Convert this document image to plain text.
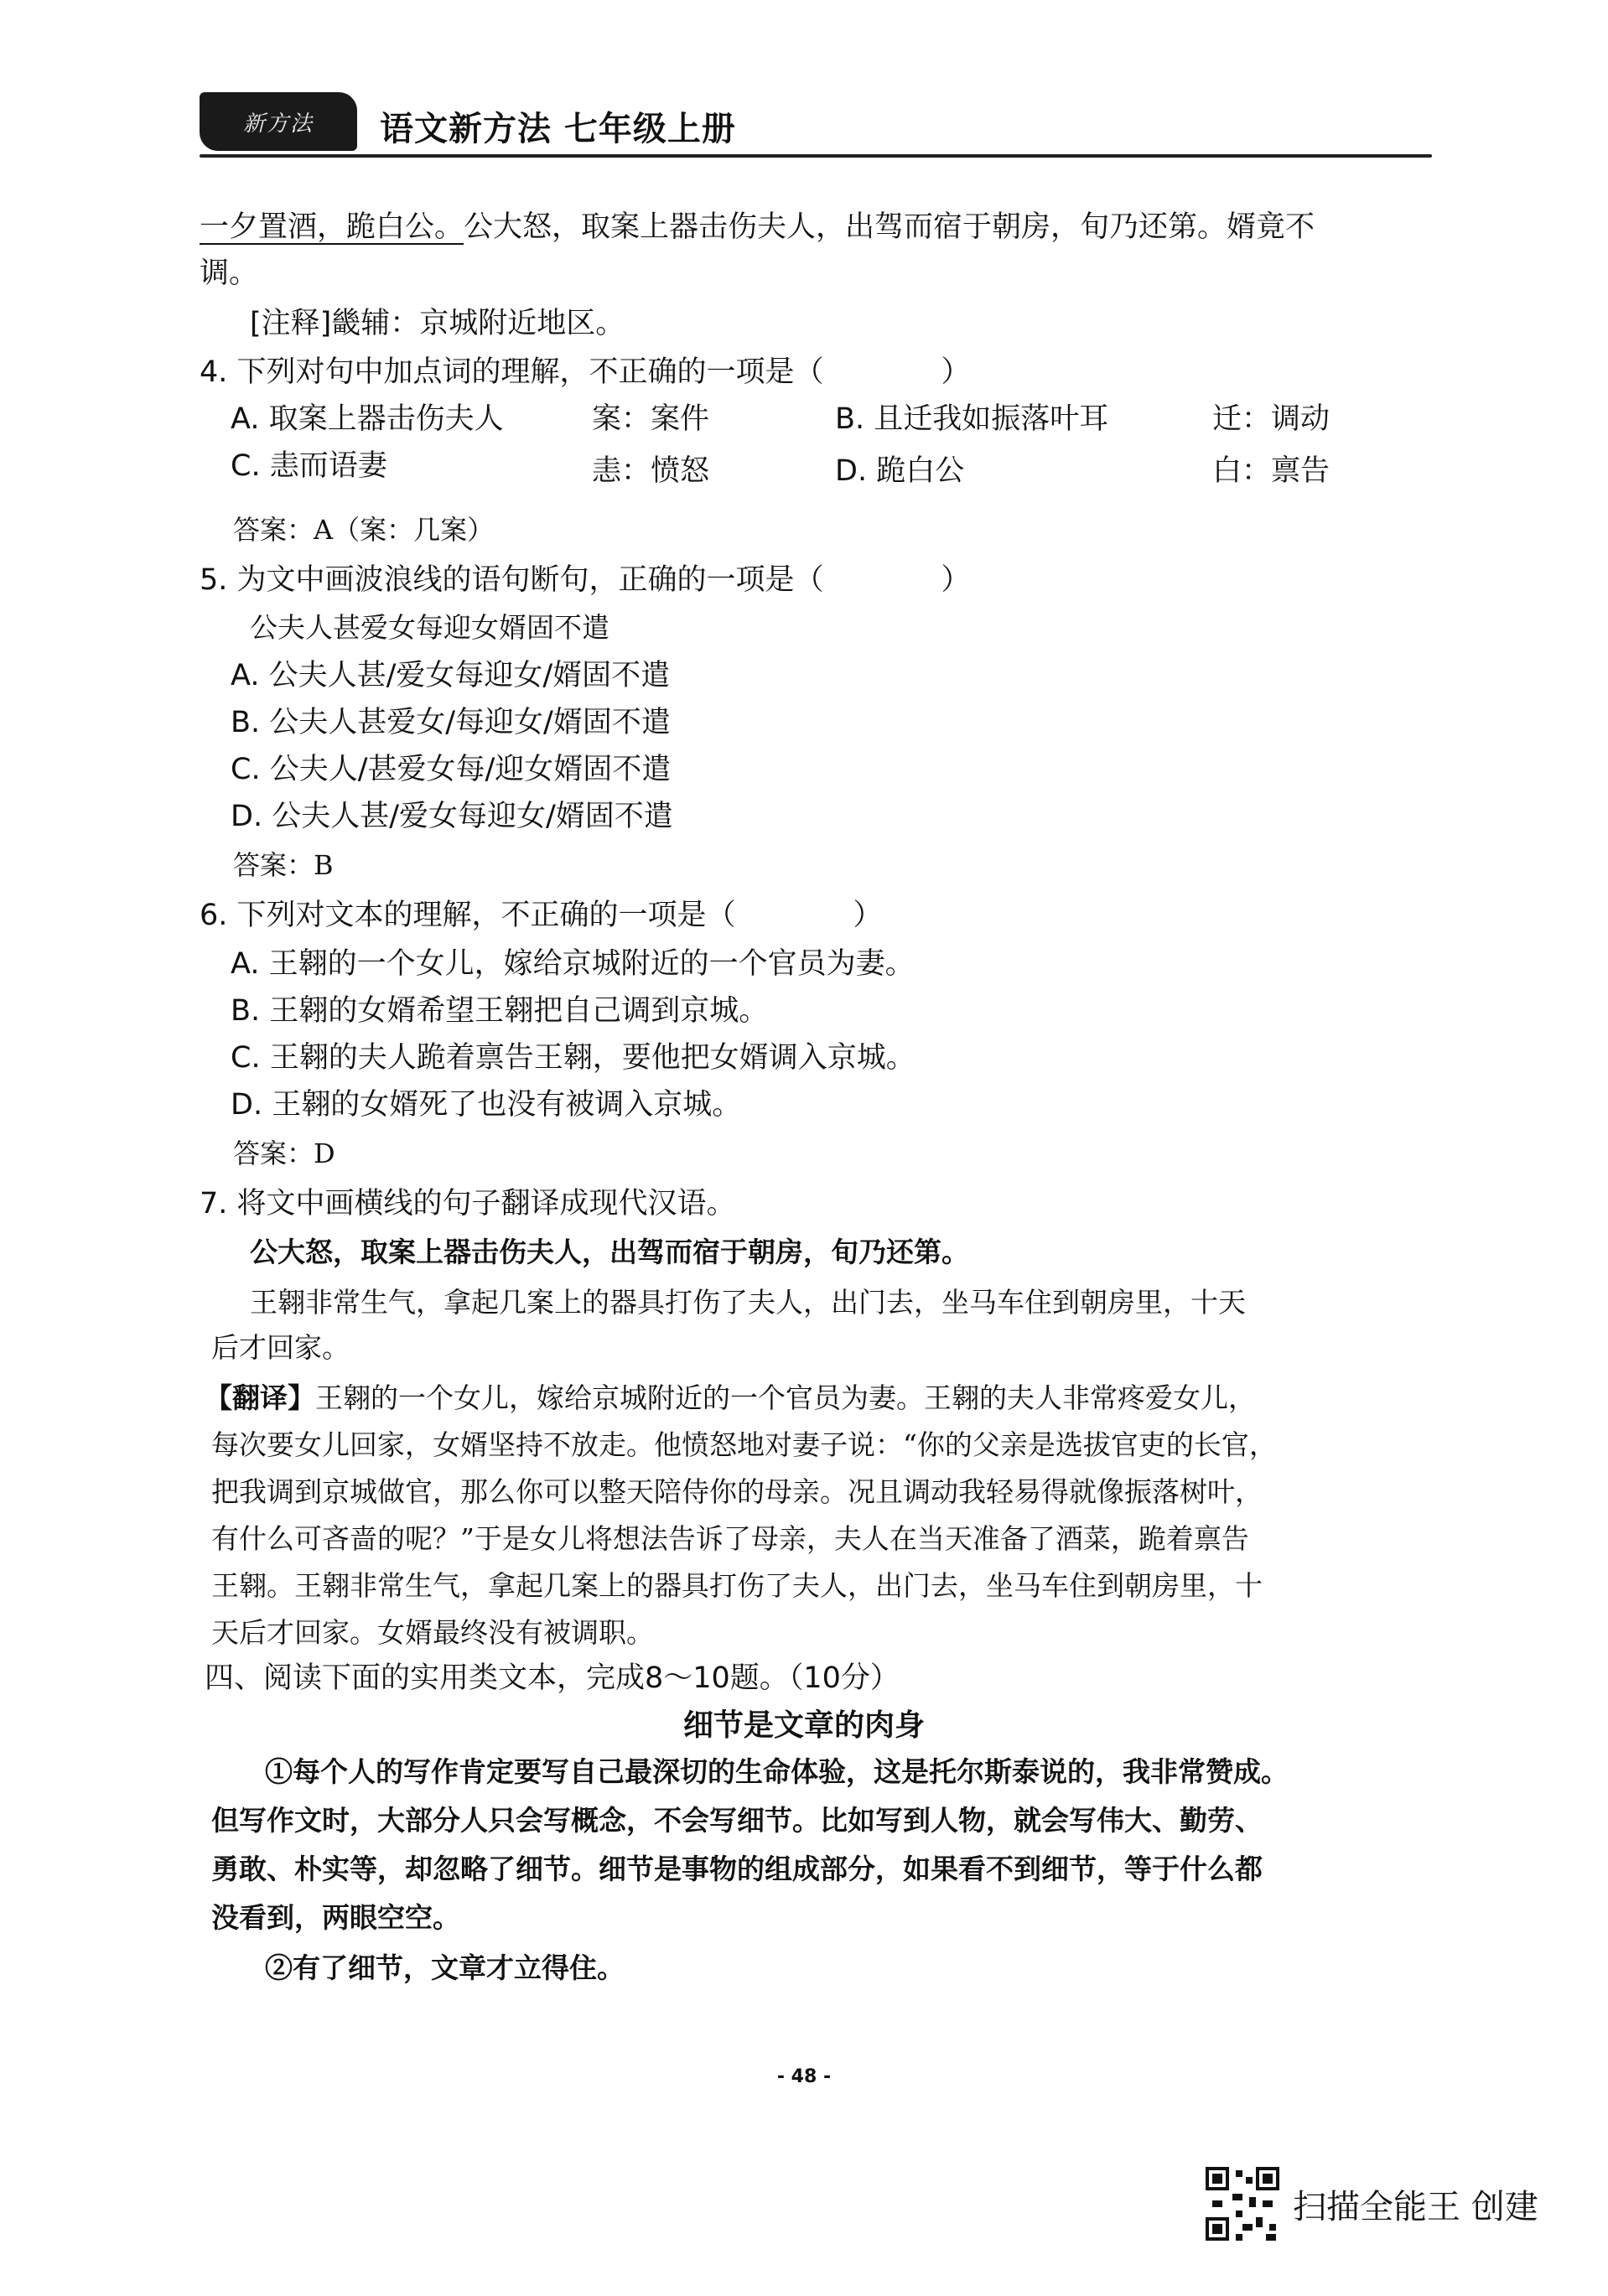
新方法 语文新方法 七年级上册
一夕置酒，跪白公。公大怒，取案上器击伤夫人，出驾而宿于朝房，旬乃还第。婿竟不
调。
[注释]畿辅：京城附近地区。
4. 下列对句中加点词的理解，不正确的一项是（　　　　）
A. 取案上器击伤夫人	案：案件	B. 且迁我如振落叶耳	迁：调动
C. 恚而语妻	恚：愤怒	D. 跪白公	白：禀告
答案：A（案：几案）
5. 为文中画波浪线的语句断句，正确的一项是（　　　　）
公夫人甚爱女每迎女婿固不遣
A. 公夫人甚/爱女每迎女/婿固不遣
B. 公夫人甚爱女/每迎女/婿固不遣
C. 公夫人/甚爱女每/迎女婿固不遣
D. 公夫人甚/爱女每迎女/婿固不遣
答案：B
6. 下列对文本的理解，不正确的一项是（　　　　）
A. 王翱的一个女儿，嫁给京城附近的一个官员为妻。
B. 王翱的女婿希望王翱把自己调到京城。
C. 王翱的夫人跪着禀告王翱，要他把女婿调入京城。
D. 王翱的女婿死了也没有被调入京城。
答案：D
7. 将文中画横线的句子翻译成现代汉语。
公大怒，取案上器击伤夫人，出驾而宿于朝房，旬乃还第。
王翱非常生气，拿起几案上的器具打伤了夫人，出门去，坐马车住到朝房里，十天
后才回家。
【翻译】王翱的一个女儿，嫁给京城附近的一个官员为妻。王翱的夫人非常疼爱女儿，
每次要女儿回家，女婿坚持不放走。他愤怒地对妻子说：“你的父亲是选拔官吏的长官，
把我调到京城做官，那么你可以整天陪侍你的母亲。况且调动我轻易得就像振落树叶，
有什么可吝啬的呢？”于是女儿将想法告诉了母亲，夫人在当天准备了酒菜，跪着禀告
王翱。王翱非常生气，拿起几案上的器具打伤了夫人，出门去，坐马车住到朝房里，十
天后才回家。女婿最终没有被调职。
四、阅读下面的实用类文本，完成8～10题。（10分）
细节是文章的肉身
①每个人的写作肯定要写自己最深切的生命体验，这是托尔斯泰说的，我非常赞成。
但写作文时，大部分人只会写概念，不会写细节。比如写到人物，就会写伟大、勤劳、
勇敢、朴实等，却忽略了细节。细节是事物的组成部分，如果看不到细节，等于什么都
没看到，两眼空空。
②有了细节，文章才立得住。
- 48 -
扫描全能王 创建
